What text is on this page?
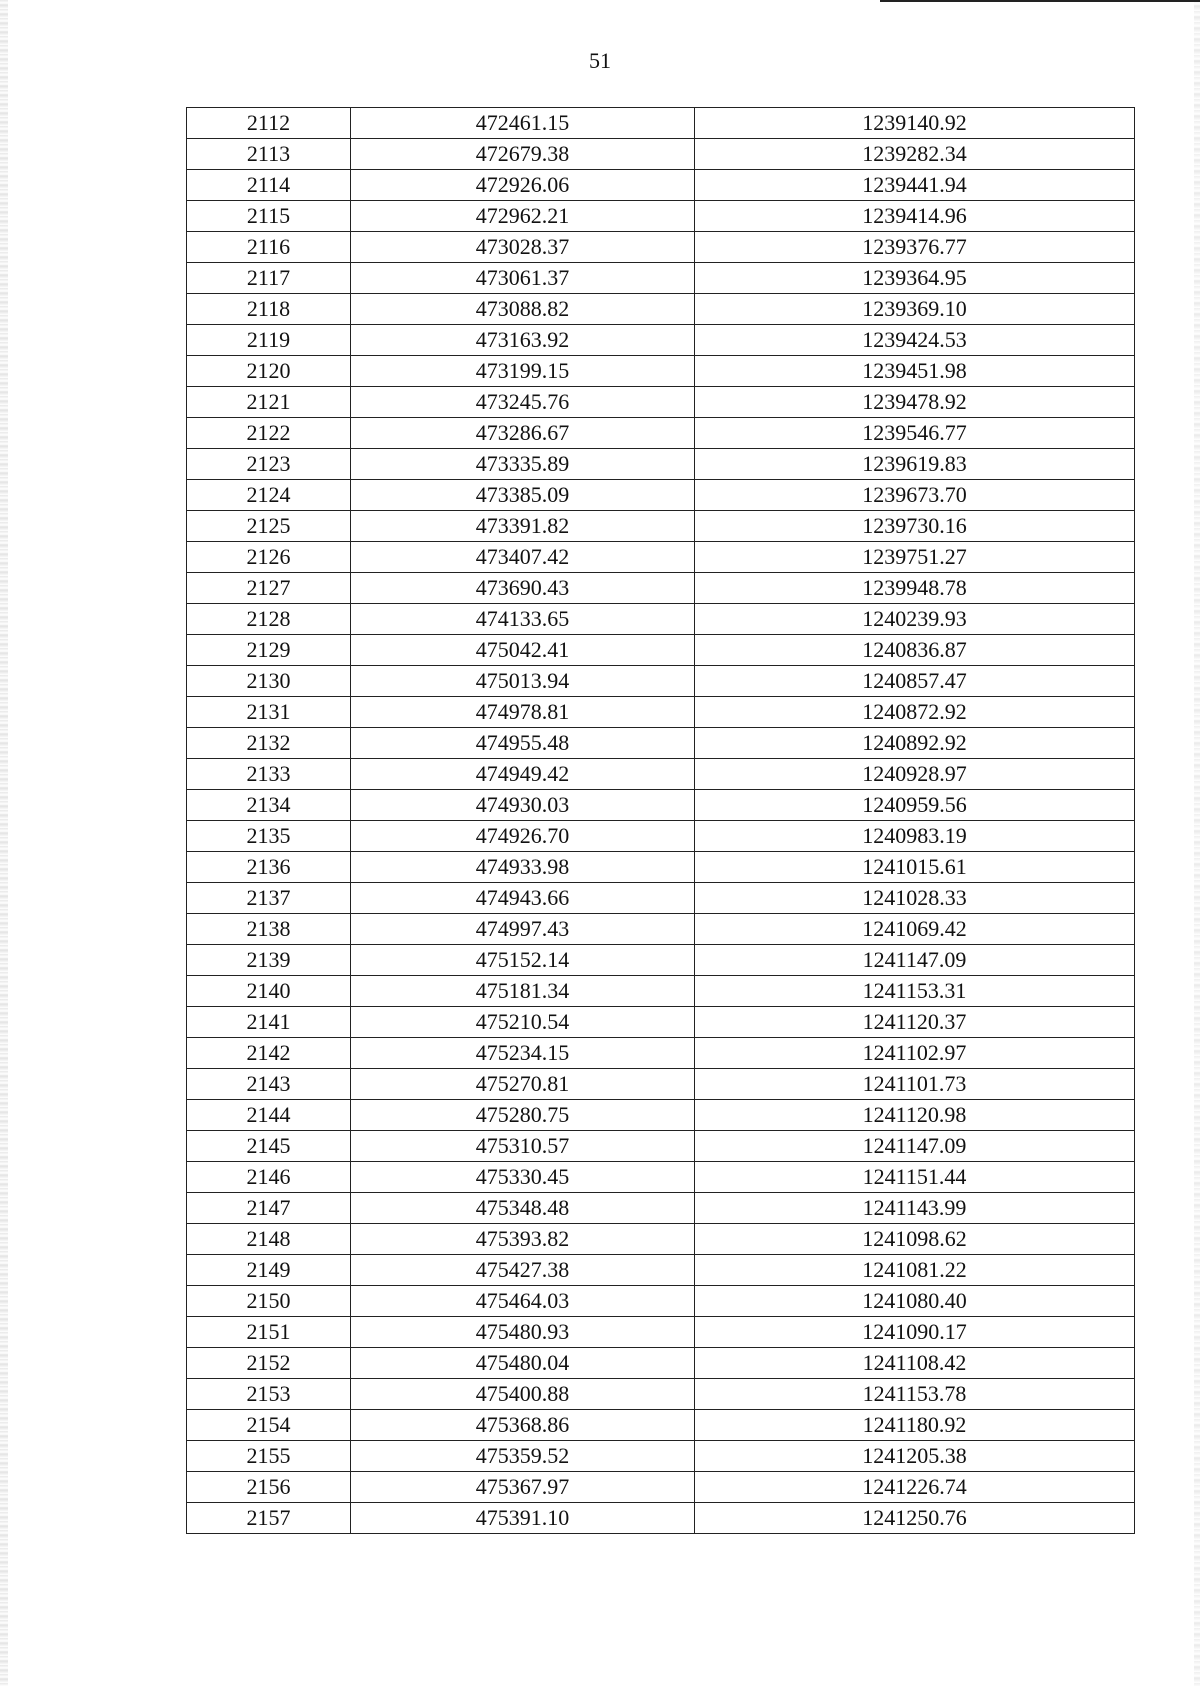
51
2112	472461.15	1239140.92
2113	472679.38	1239282.34
2114	472926.06	1239441.94
2115	472962.21	1239414.96
2116	473028.37	1239376.77
2117	473061.37	1239364.95
2118	473088.82	1239369.10
2119	473163.92	1239424.53
2120	473199.15	1239451.98
2121	473245.76	1239478.92
2122	473286.67	1239546.77
2123	473335.89	1239619.83
2124	473385.09	1239673.70
2125	473391.82	1239730.16
2126	473407.42	1239751.27
2127	473690.43	1239948.78
2128	474133.65	1240239.93
2129	475042.41	1240836.87
2130	475013.94	1240857.47
2131	474978.81	1240872.92
2132	474955.48	1240892.92
2133	474949.42	1240928.97
2134	474930.03	1240959.56
2135	474926.70	1240983.19
2136	474933.98	1241015.61
2137	474943.66	1241028.33
2138	474997.43	1241069.42
2139	475152.14	1241147.09
2140	475181.34	1241153.31
2141	475210.54	1241120.37
2142	475234.15	1241102.97
2143	475270.81	1241101.73
2144	475280.75	1241120.98
2145	475310.57	1241147.09
2146	475330.45	1241151.44
2147	475348.48	1241143.99
2148	475393.82	1241098.62
2149	475427.38	1241081.22
2150	475464.03	1241080.40
2151	475480.93	1241090.17
2152	475480.04	1241108.42
2153	475400.88	1241153.78
2154	475368.86	1241180.92
2155	475359.52	1241205.38
2156	475367.97	1241226.74
2157	475391.10	1241250.76
